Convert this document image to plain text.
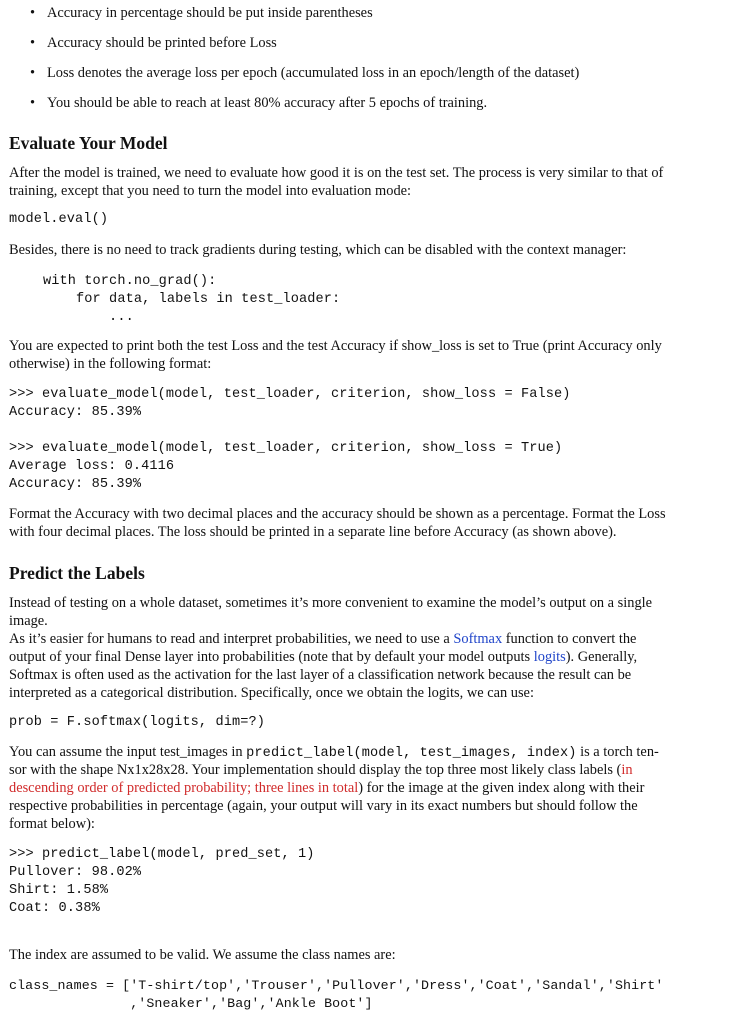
• Accuracy in percentage should be put inside parentheses
• Accuracy should be printed before Loss
• Loss denotes the average loss per epoch (accumulated loss in an epoch/length of the dataset)
• You should be able to reach at least 80% accuracy after 5 epochs of training.
Evaluate Your Model
After the model is trained, we need to evaluate how good it is on the test set. The process is very similar to that of
training, except that you need to turn the model into evaluation mode:
model.eval()
Besides, there is no need to track gradients during testing, which can be disabled with the context manager:
with torch.no_grad():
for data, labels in test_loader:
...
You are expected to print both the test Loss and the test Accuracy if show_loss is set to True (print Accuracy only
otherwise) in the following format:
>>> evaluate_model(model, test_loader, criterion, show_loss = False)
Accuracy: 85.39%
>>> evaluate_model(model, test_loader, criterion, show_loss = True)
Average loss: 0.4116
Accuracy: 85.39%
Format the Accuracy with two decimal places and the accuracy should be shown as a percentage. Format the Loss
with four decimal places. The loss should be printed in a separate line before Accuracy (as shown above).
Predict the Labels
Instead of testing on a whole dataset, sometimes it’s more convenient to examine the model’s output on a single
image.
As it’s easier for humans to read and interpret probabilities, we need to use a Softmax function to convert the
output of your final Dense layer into probabilities (note that by default your model outputs logits). Generally,
Softmax is often used as the activation for the last layer of a classification network because the result can be
interpreted as a categorical distribution. Specifically, once we obtain the logits, we can use:
prob = F.softmax(logits, dim=?)
You can assume the input test_images in predict_label(model, test_images, index) is a torch ten-
sor with the shape Nx1x28x28. Your implementation should display the top three most likely class labels (in
descending order of predicted probability; three lines in total) for the image at the given index along with their
respective probabilities in percentage (again, your output will vary in its exact numbers but should follow the
format below):
>>> predict_label(model, pred_set, 1)
Pullover: 98.02%
Shirt: 1.58%
Coat: 0.38%
The index are assumed to be valid. We assume the class names are:
class_names = ['T-shirt/top','Trouser','Pullover','Dress','Coat','Sandal','Shirt'
,'Sneaker','Bag','Ankle Boot']
